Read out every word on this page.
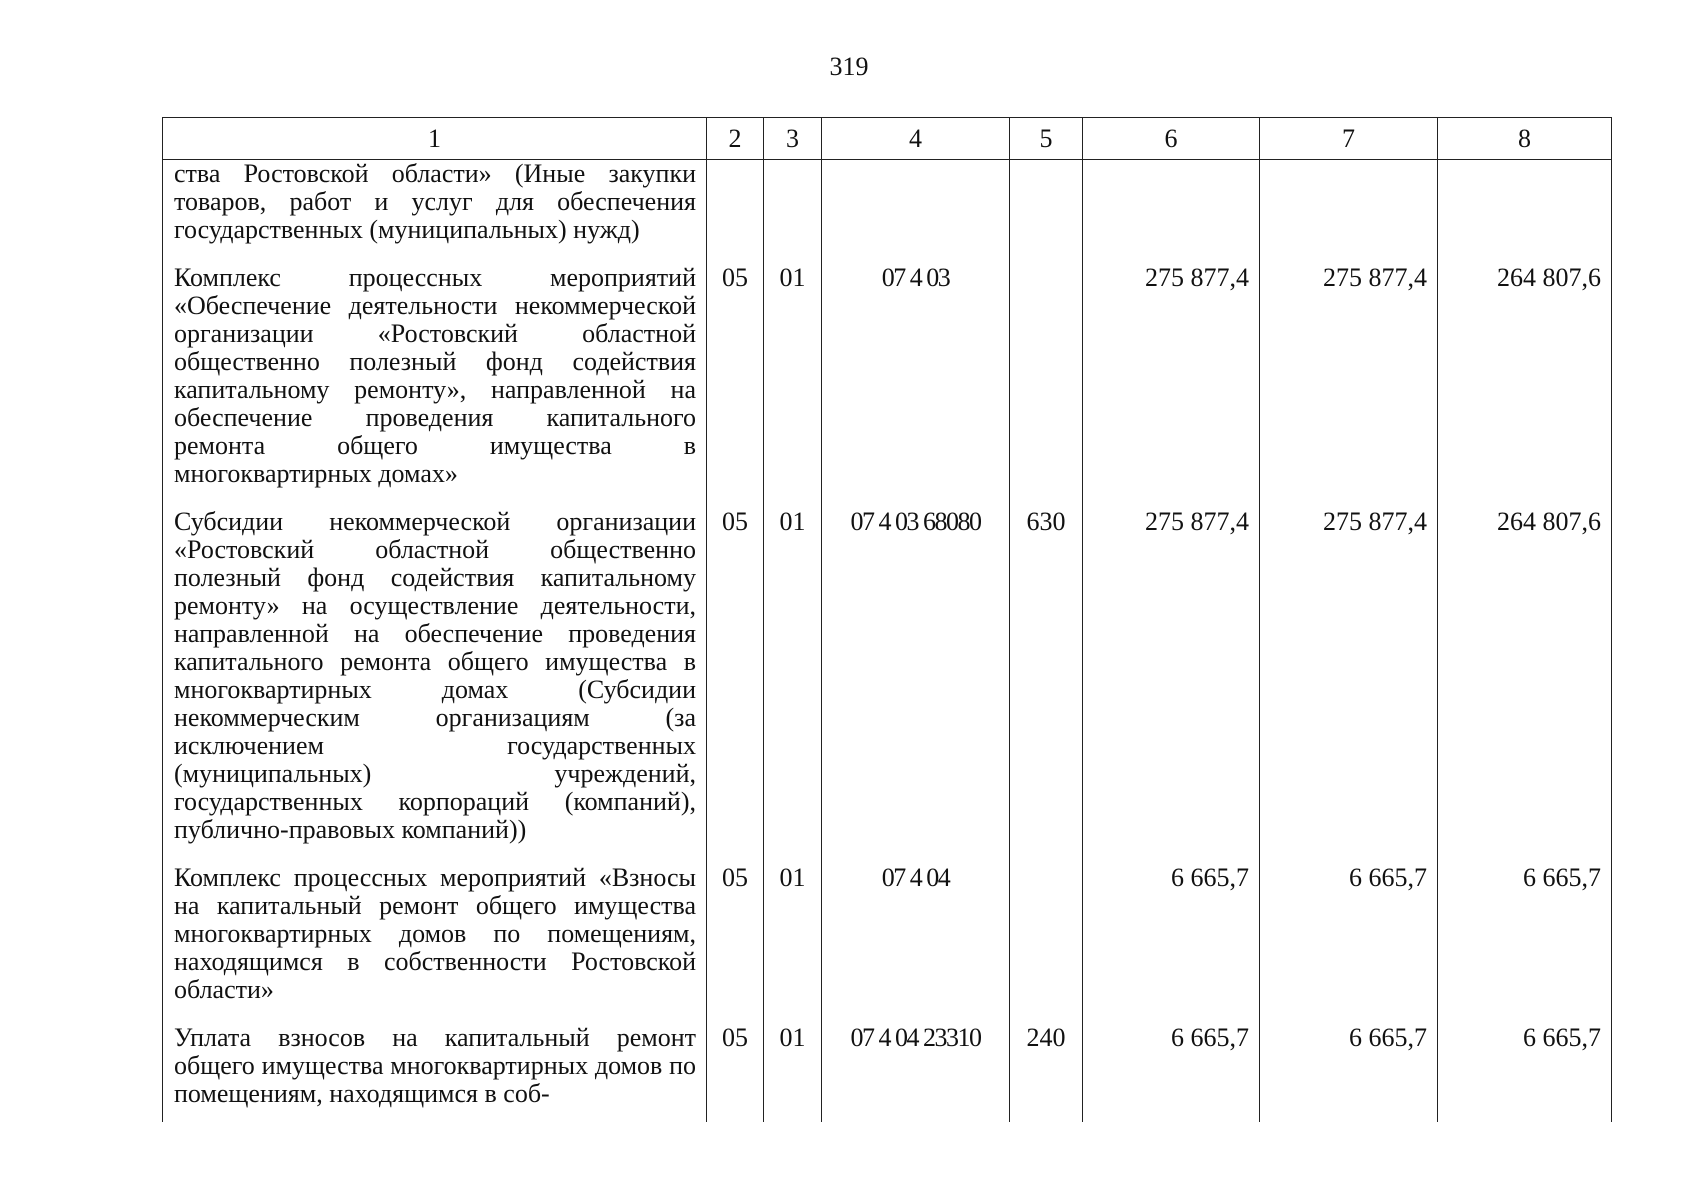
319
1	2	3	4	5	6	7	8
ства Ростовской области» (Иные закупки товаров, работ и услуг для обеспечения государственных (муниципальных) нужд)							
Комплекс процессных мероприятий «Обеспечение деятельности некоммерческой организации «Ростовский областной общественно полезный фонд содействия капитальному ремонту», направленной на обеспечение проведения капитального ремонта общего имущества в многоквартирных домах»	05	01	07 4 03		275 877,4	275 877,4	264 807,6
Субсидии некоммерческой организации «Ростовский областной общественно полезный фонд содействия капитальному ремонту» на осуществление деятельности, направленной на обеспечение проведения капитального ремонта общего имущества в многоквартирных домах (Субсидии некоммерческим организациям (за исключением государственных (муниципальных) учреждений, государственных корпораций (компаний), публично-правовых компаний))	05	01	07 4 03 68080	630	275 877,4	275 877,4	264 807,6
Комплекс процессных мероприятий «Взносы на капитальный ремонт общего имущества многоквартирных домов по помещениям, находящимся в собственности Ростовской области»	05	01	07 4 04		6 665,7	6 665,7	6 665,7
Уплата взносов на капитальный ремонт общего имущества многоквартирных домов по помещениям, находящимся в соб-	05	01	07 4 04 23310	240	6 665,7	6 665,7	6 665,7
